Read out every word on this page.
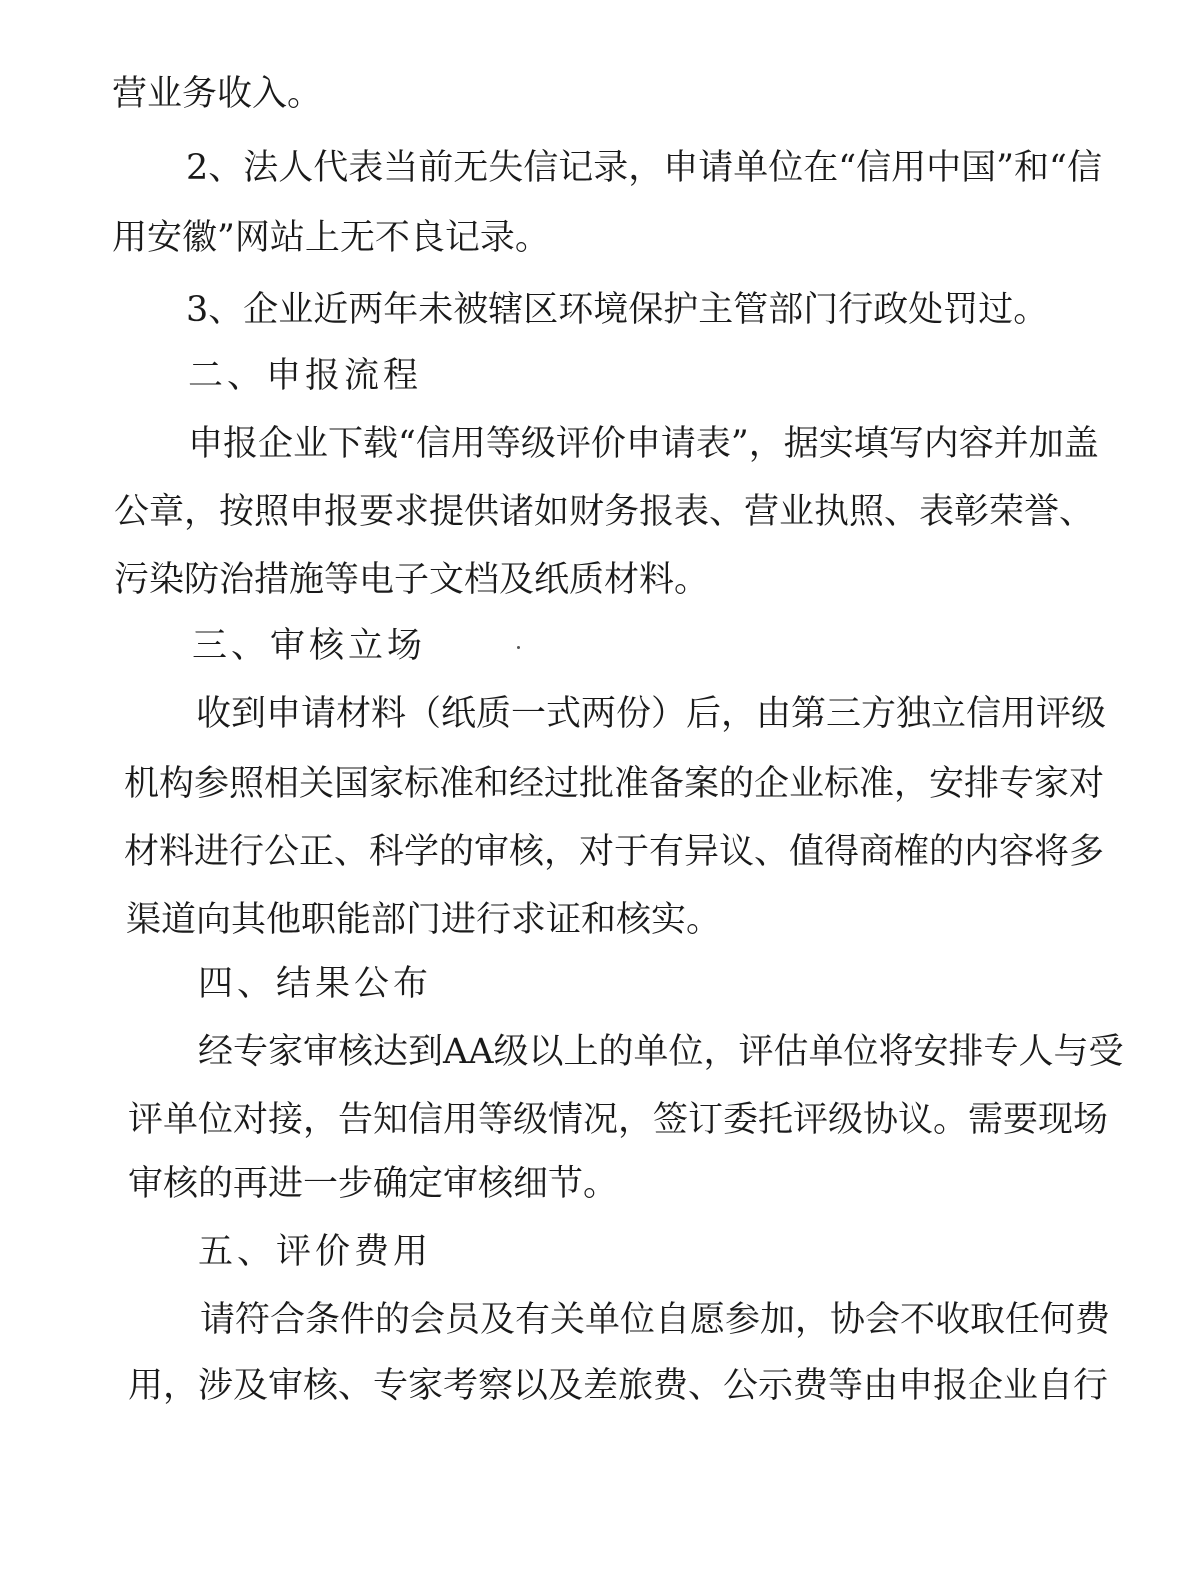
营业务收入。

2、法人代表当前无失信记录，申请单位在“信用中国”和“信

用安徽”网站上无不良记录。

3、企业近两年未被辖区环境保护主管部门行政处罚过。

二、申报流程

申报企业下载“信用等级评价申请表”，据实填写内容并加盖

公章，按照申报要求提供诸如财务报表、营业执照、表彰荣誉、

污染防治措施等电子文档及纸质材料。

三、审核立场

收到申请材料（纸质一式两份）后，由第三方独立信用评级

机构参照相关国家标准和经过批准备案的企业标准，安排专家对

材料进行公正、科学的审核，对于有异议、值得商榷的内容将多

渠道向其他职能部门进行求证和核实。

四、结果公布

经专家审核达到AA级以上的单位，评估单位将安排专人与受

评单位对接，告知信用等级情况，签订委托评级协议。需要现场

审核的再进一步确定审核细节。

五、评价费用

请符合条件的会员及有关单位自愿参加，协会不收取任何费

用，涉及审核、专家考察以及差旅费、公示费等由申报企业自行
